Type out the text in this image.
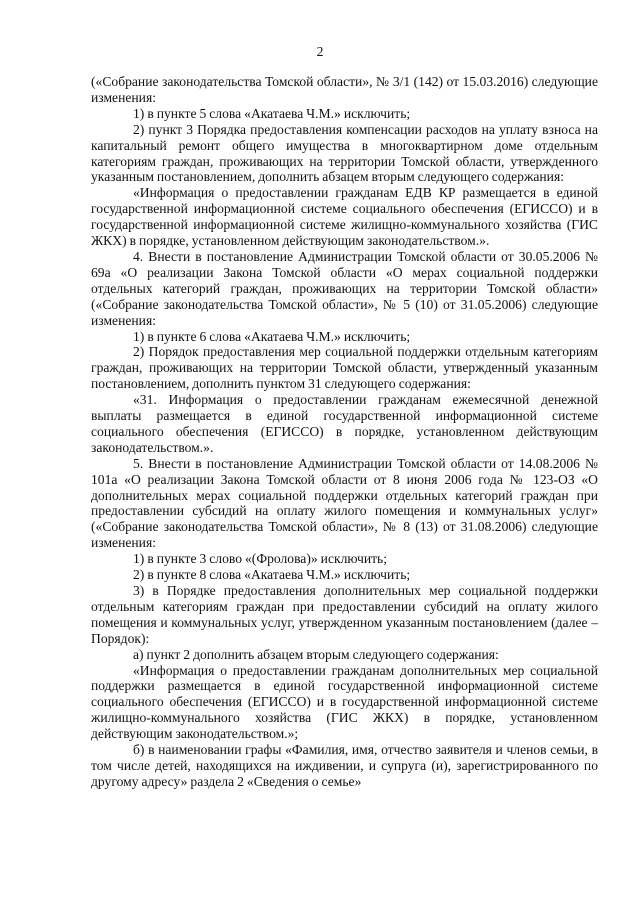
2

(«Собрание законодательства Томской области», № 3/1 (142) от 15.03.2016) следующие изменения:

1) в пункте 5 слова «Акатаева Ч.М.» исключить;

2) пункт 3 Порядка предоставления компенсации расходов на уплату взноса на капитальный ремонт общего имущества в многоквартирном доме отдельным категориям граждан, проживающих на территории Томской области, утвержденного указанным постановлением, дополнить абзацем вторым следующего содержания:

«Информация о предоставлении гражданам ЕДВ КР размещается в единой государственной информационной системе социального обеспечения (ЕГИССО) и в государственной информационной системе жилищно-коммунального хозяйства (ГИС ЖКХ) в порядке, установленном действующим законодательством.».

4. Внести в постановление Администрации Томской области от 30.05.2006 № 69а «О реализации Закона Томской области «О мерах социальной поддержки отдельных категорий граждан, проживающих на территории Томской области» («Собрание законодательства Томской области», № 5 (10) от 31.05.2006) следующие изменения:

1) в пункте 6 слова «Акатаева Ч.М.» исключить;

2) Порядок предоставления мер социальной поддержки отдельным категориям граждан, проживающих на территории Томской области, утвержденный указанным постановлением, дополнить пунктом 31 следующего содержания:

«31. Информация о предоставлении гражданам ежемесячной денежной выплаты размещается в единой государственной информационной системе социального обеспечения (ЕГИССО) в порядке, установленном действующим законодательством.».

5. Внести в постановление Администрации Томской области от 14.08.2006 № 101а «О реализации Закона Томской области от 8 июня 2006 года № 123-ОЗ «О дополнительных мерах социальной поддержки отдельных категорий граждан при предоставлении субсидий на оплату жилого помещения и коммунальных услуг» («Собрание законодательства Томской области», № 8 (13) от 31.08.2006) следующие изменения:

1) в пункте 3 слово «(Фролова)» исключить;

2) в пункте 8 слова «Акатаева Ч.М.» исключить;

3) в Порядке предоставления дополнительных мер социальной поддержки отдельным категориям граждан при предоставлении субсидий на оплату жилого помещения и коммунальных услуг, утвержденном указанным постановлением (далее – Порядок):

а) пункт 2 дополнить абзацем вторым следующего содержания:

«Информация о предоставлении гражданам дополнительных мер социальной поддержки размещается в единой государственной информационной системе социального обеспечения (ЕГИССО) и в государственной информационной системе жилищно-коммунального хозяйства (ГИС ЖКХ) в порядке, установленном действующим законодательством.»;

б) в наименовании графы «Фамилия, имя, отчество заявителя и членов семьи, в том числе детей, находящихся на иждивении, и супруга (и), зарегистрированного по другому адресу» раздела 2 «Сведения о семье»
